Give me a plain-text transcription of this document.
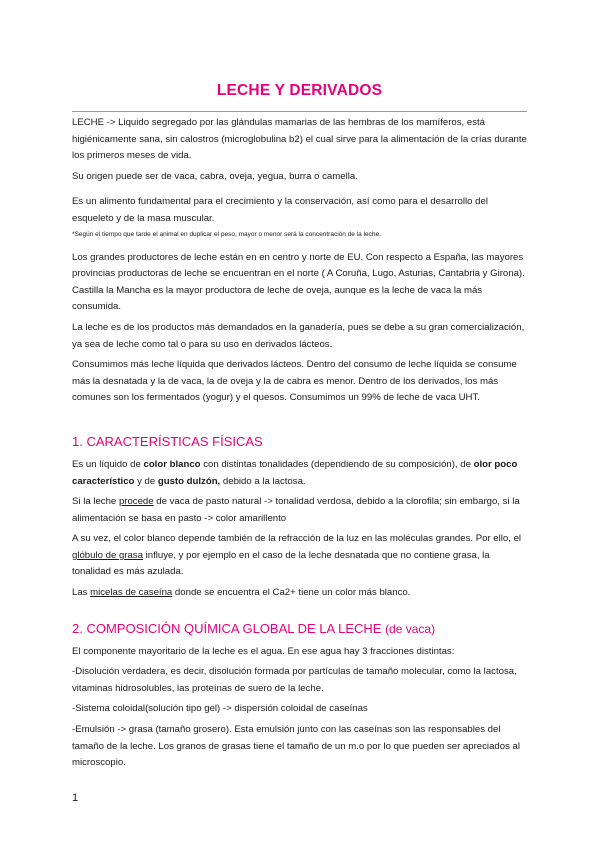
LECHE Y DERIVADOS

LECHE -> Liquido segregado por las glándulas mamarias de las hembras de los mamíferos, está higiénicamente sana, sin calostros (microglobulina b2) el cual sirve para la alimentación de la crías durante los primeros meses de vida.

Su origen puede ser de vaca, cabra, oveja, yegua, burra o camella.

Es un alimento fundamental para el crecimiento y la conservación, así como para el desarrollo del esqueleto y de la masa muscular.

*Según el tiempo que tarde el animal en duplicar el peso, mayor o menor será la concentración de la leche.

Los grandes productores de leche están en en centro y norte de EU. Con respecto a España, las mayores provincias productoras de leche se encuentran en el norte ( A Coruña, Lugo, Asturias, Cantabria y Girona). Castilla la Mancha es la mayor productora de leche de oveja, aunque es la leche de vaca la más consumida.

La leche es de los productos más demandados en la ganadería, pues se debe a su gran comercialización, ya sea de leche como tal o para su uso en derivados lácteos.

Consumimos más leche líquida que derivados lácteos. Dentro del consumo de leche líquida se consume más la desnatada y la de vaca, la de oveja y la de cabra es menor. Dentro de los derivados, los más comunes son los fermentados (yogur) y el quesos. Consumimos un 99% de leche de vaca UHT.

1. CARACTERÍSTICAS FÍSICAS

Es un líquido de color blanco con distintas tonalidades (dependiendo de su composición), de olor poco característico y de gusto dulzón, debido a la lactosa.

Si la leche procede de vaca de pasto natural -> tonalidad verdosa, debido a la clorofila; sin embargo, si la alimentación se basa en pasto -> color amarillento

A su vez, el color blanco depende también de la refracción de la luz en las moléculas grandes. Por ello, el glóbulo de grasa influye, y por ejemplo en el caso de la leche desnatada que no contiene grasa, la tonalidad es más azulada.

Las micelas de caseína donde se encuentra el Ca2+ tiene un color más blanco.

2. COMPOSICIÓN QUÍMICA GLOBAL DE LA LECHE (de vaca)

El componente mayoritario de la leche es el agua. En ese agua hay 3 fracciones distintas:

-Disolución verdadera, es decir, disolución formada por partículas de tamaño molecular, como la lactosa, vitaminas hidrosolubles, las proteínas de suero de la leche.

-Sistema coloidal(solución tipo gel) -> dispersión coloidal de caseínas

-Emulsión -> grasa (tamaño grosero). Esta emulsión junto con las caseínas son las responsables del tamaño de la leche. Los granos de grasas tiene el tamaño de un m.o por lo que pueden ser apreciados al microscopio.

1
